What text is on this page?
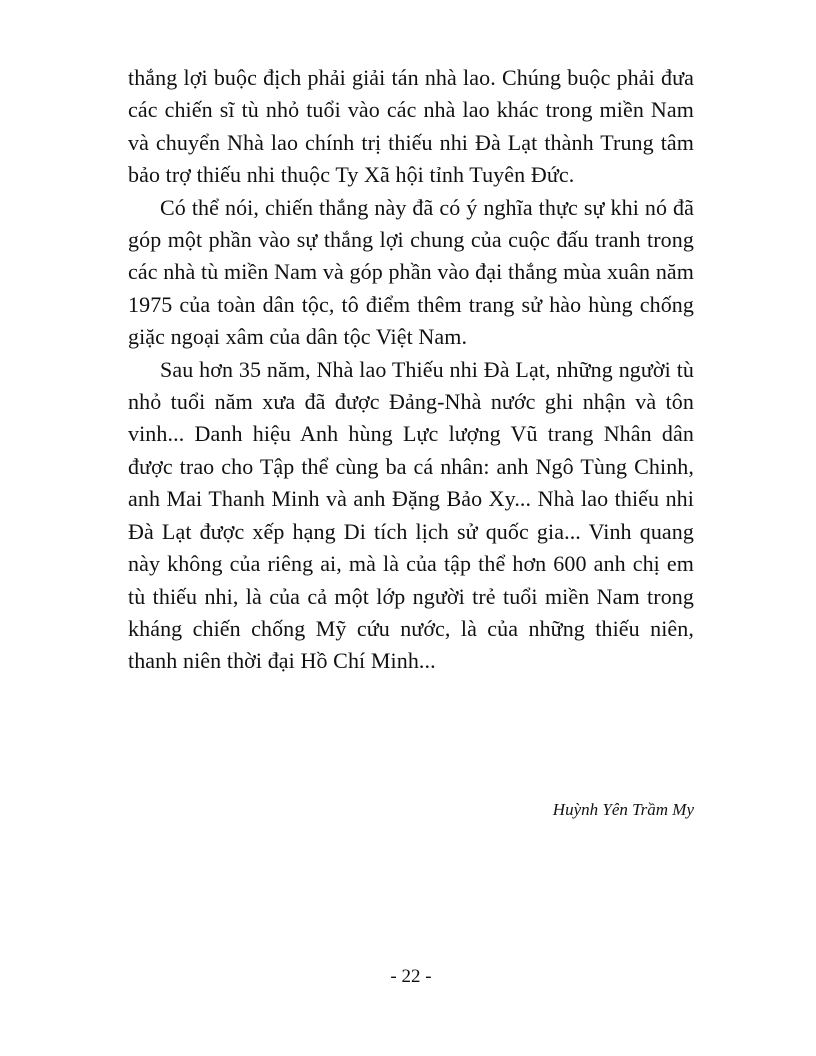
thắng lợi buộc địch phải giải tán nhà lao. Chúng buộc phải đưa các chiến sĩ tù nhỏ tuổi vào các nhà lao khác trong miền Nam và chuyển Nhà lao chính trị thiếu nhi Đà Lạt thành Trung tâm bảo trợ thiếu nhi thuộc Ty Xã hội tỉnh Tuyên Đức.

Có thể nói, chiến thắng này đã có ý nghĩa thực sự khi nó đã góp một phần vào sự thắng lợi chung của cuộc đấu tranh trong các nhà tù miền Nam và góp phần vào đại thắng mùa xuân năm 1975 của toàn dân tộc, tô điểm thêm trang sử hào hùng chống giặc ngoại xâm của dân tộc Việt Nam.

Sau hơn 35 năm, Nhà lao Thiếu nhi Đà Lạt, những người tù nhỏ tuổi năm xưa đã được Đảng-Nhà nước ghi nhận và tôn vinh... Danh hiệu Anh hùng Lực lượng Vũ trang Nhân dân được trao cho Tập thể cùng ba cá nhân: anh Ngô Tùng Chinh, anh Mai Thanh Minh và anh Đặng Bảo Xy... Nhà lao thiếu nhi Đà Lạt được xếp hạng Di tích lịch sử quốc gia... Vinh quang này không của riêng ai, mà là của tập thể hơn 600 anh chị em tù thiếu nhi, là của cả một lớp người trẻ tuổi miền Nam trong kháng chiến chống Mỹ cứu nước, là của những thiếu niên, thanh niên thời đại Hồ Chí Minh...

Huỳnh Yên Trầm My
- 22 -
